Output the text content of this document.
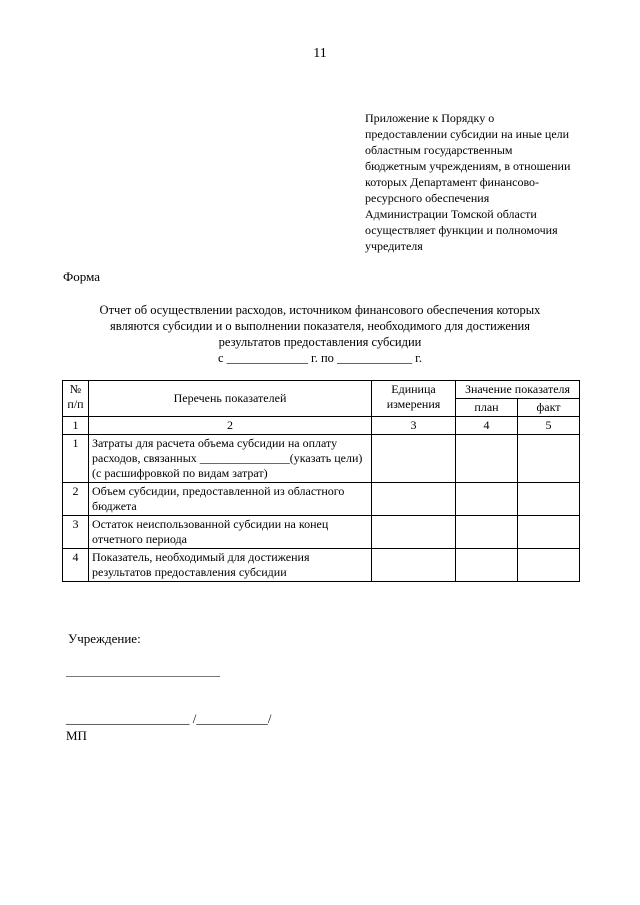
11
Приложение к Порядку о
предоставлении субсидии на иные цели
областным государственным
бюджетным учреждениям, в отношении
которых Департамент финансово-
ресурсного обеспечения
Администрации Томской области
осуществляет функции и полномочия
учредителя
Форма
Отчет об осуществлении расходов, источником финансового обеспечения которых
являются субсидии и о выполнении показателя, необходимого для достижения
результатов предоставления субсидии
с _____________ г. по ____________ г.
№ п/п	Перечень показателей	Единица измерения	Значение показателя	
			план	факт
1	2	3	4	5
1	Затраты для расчета объема субсидии на оплату расходов, связанных _______________(указать цели) (с расшифровкой по видам затрат)			
2	Объем субсидии, предоставленной из областного бюджета			
3	Остаток неиспользованной субсидии на конец отчетного периода			
4	Показатель, необходимый для достижения результатов предоставления субсидии			
Учреждение:
___________________ /___________/
МП
